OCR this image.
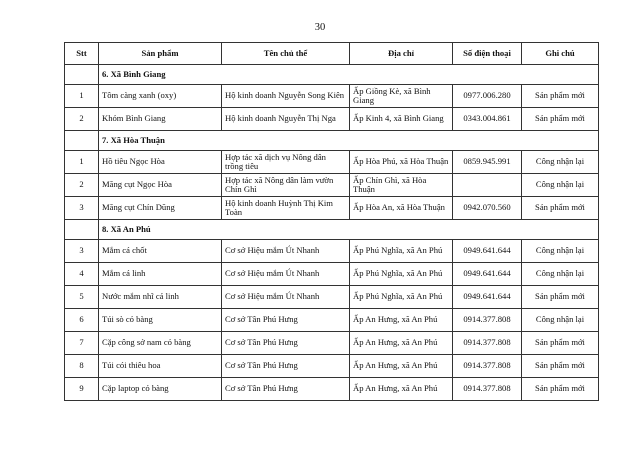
30
Stt	Sản phẩm	Tên chủ thể	Địa chỉ	Số điện thoại	Ghi chú
	6. Xã Bình Giang				
1	Tôm càng xanh (oxy)	Hộ kinh doanh Nguyễn Song Kiên	Ấp Giồng Kè, xã Bình Giang	0977.006.280	Sản phẩm mới
2	Khóm Bình Giang	Hộ kinh doanh Nguyễn Thị Nga	Ấp Kinh 4, xã Bình Giang	0343.004.861	Sản phẩm mới
	7. Xã Hòa Thuận				
1	Hồ tiêu Ngọc Hòa	Hợp tác xã dịch vụ Nông dân trồng tiêu	Ấp Hòa Phú, xã Hòa Thuận	0859.945.991	Công nhận lại
2	Măng cụt Ngọc Hòa	Hợp tác xã Nông dân làm vườn Chín Ghì	Ấp Chín Ghì, xã Hòa Thuận		Công nhận lại
3	Măng cụt Chín Dũng	Hộ kinh doanh Huỳnh Thị Kim Toàn	Ấp Hòa An, xã Hòa Thuận	0942.070.560	Sản phẩm mới
	8. Xã An Phú				
3	Mắm cá chốt	Cơ sở Hiệu mắm Út Nhanh	Ấp Phú Nghĩa, xã An Phú	0949.641.644	Công nhận lại
4	Mắm cá linh	Cơ sở Hiệu mắm Út Nhanh	Ấp Phú Nghĩa, xã An Phú	0949.641.644	Công nhận lại
5	Nước mắm nhĩ cá linh	Cơ sở Hiệu mắm Út Nhanh	Ấp Phú Nghĩa, xã An Phú	0949.641.644	Sản phẩm mới
6	Túi sò cỏ bàng	Cơ sở Tân Phú Hưng	Ấp An Hưng, xã An Phú	0914.377.808	Công nhận lại
7	Cặp công sở nam cỏ bàng	Cơ sở Tân Phú Hưng	Ấp An Hưng, xã An Phú	0914.377.808	Sản phẩm mới
8	Túi cói thiêu hoa	Cơ sở Tân Phú Hưng	Ấp An Hưng, xã An Phú	0914.377.808	Sản phẩm mới
9	Cặp laptop cỏ bàng	Cơ sở Tân Phú Hưng	Ấp An Hưng, xã An Phú	0914.377.808	Sản phẩm mới
